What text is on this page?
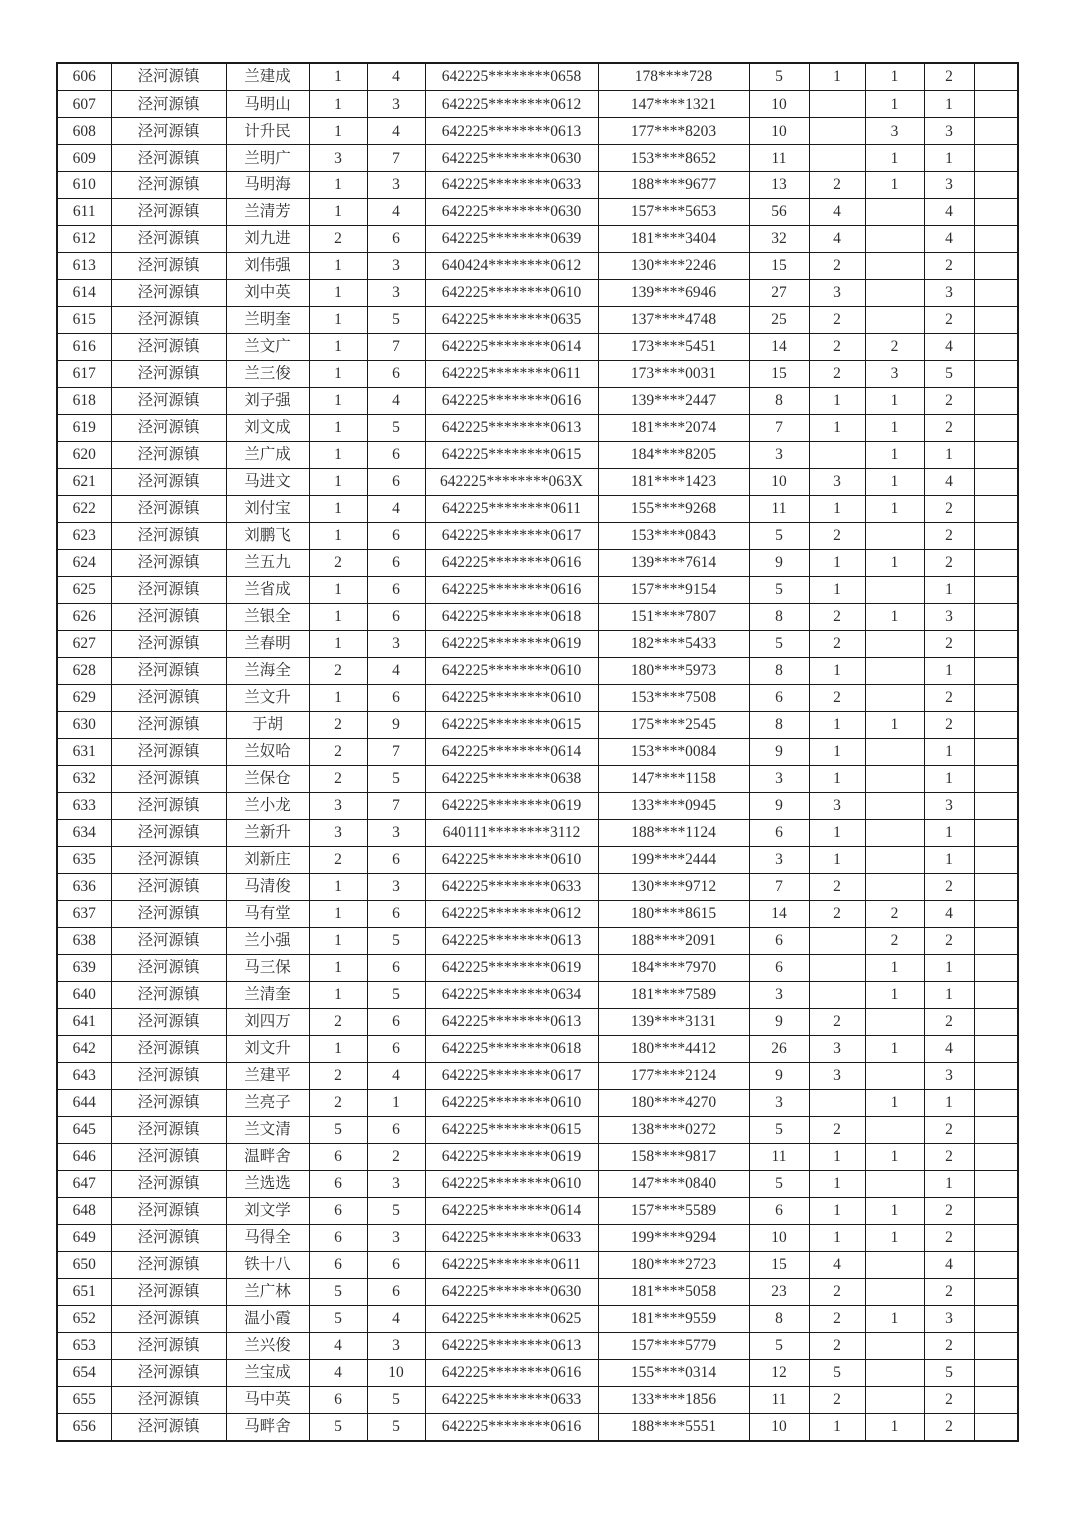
606	泾河源镇	兰建成	1	4	642225********0658	178****728	5	1	1	2	
607	泾河源镇	马明山	1	3	642225********0612	147****1321	10		1	1	
608	泾河源镇	计升民	1	4	642225********0613	177****8203	10		3	3	
609	泾河源镇	兰明广	3	7	642225********0630	153****8652	11		1	1	
610	泾河源镇	马明海	1	3	642225********0633	188****9677	13	2	1	3	
611	泾河源镇	兰清芳	1	4	642225********0630	157****5653	56	4		4	
612	泾河源镇	刘九进	2	6	642225********0639	181****3404	32	4		4	
613	泾河源镇	刘伟强	1	3	640424********0612	130****2246	15	2		2	
614	泾河源镇	刘中英	1	3	642225********0610	139****6946	27	3		3	
615	泾河源镇	兰明奎	1	5	642225********0635	137****4748	25	2		2	
616	泾河源镇	兰文广	1	7	642225********0614	173****5451	14	2	2	4	
617	泾河源镇	兰三俊	1	6	642225********0611	173****0031	15	2	3	5	
618	泾河源镇	刘子强	1	4	642225********0616	139****2447	8	1	1	2	
619	泾河源镇	刘文成	1	5	642225********0613	181****2074	7	1	1	2	
620	泾河源镇	兰广成	1	6	642225********0615	184****8205	3		1	1	
621	泾河源镇	马进文	1	6	642225********063X	181****1423	10	3	1	4	
622	泾河源镇	刘付宝	1	4	642225********0611	155****9268	11	1	1	2	
623	泾河源镇	刘鹏飞	1	6	642225********0617	153****0843	5	2		2	
624	泾河源镇	兰五九	2	6	642225********0616	139****7614	9	1	1	2	
625	泾河源镇	兰省成	1	6	642225********0616	157****9154	5	1		1	
626	泾河源镇	兰银全	1	6	642225********0618	151****7807	8	2	1	3	
627	泾河源镇	兰春明	1	3	642225********0619	182****5433	5	2		2	
628	泾河源镇	兰海全	2	4	642225********0610	180****5973	8	1		1	
629	泾河源镇	兰文升	1	6	642225********0610	153****7508	6	2		2	
630	泾河源镇	于胡	2	9	642225********0615	175****2545	8	1	1	2	
631	泾河源镇	兰奴哈	2	7	642225********0614	153****0084	9	1		1	
632	泾河源镇	兰保仓	2	5	642225********0638	147****1158	3	1		1	
633	泾河源镇	兰小龙	3	7	642225********0619	133****0945	9	3		3	
634	泾河源镇	兰新升	3	3	640111********3112	188****1124	6	1		1	
635	泾河源镇	刘新庄	2	6	642225********0610	199****2444	3	1		1	
636	泾河源镇	马清俊	1	3	642225********0633	130****9712	7	2		2	
637	泾河源镇	马有堂	1	6	642225********0612	180****8615	14	2	2	4	
638	泾河源镇	兰小强	1	5	642225********0613	188****2091	6		2	2	
639	泾河源镇	马三保	1	6	642225********0619	184****7970	6		1	1	
640	泾河源镇	兰清奎	1	5	642225********0634	181****7589	3		1	1	
641	泾河源镇	刘四万	2	6	642225********0613	139****3131	9	2		2	
642	泾河源镇	刘文升	1	6	642225********0618	180****4412	26	3	1	4	
643	泾河源镇	兰建平	2	4	642225********0617	177****2124	9	3		3	
644	泾河源镇	兰亮子	2	1	642225********0610	180****4270	3		1	1	
645	泾河源镇	兰文清	5	6	642225********0615	138****0272	5	2		2	
646	泾河源镇	温畔舍	6	2	642225********0619	158****9817	11	1	1	2	
647	泾河源镇	兰选选	6	3	642225********0610	147****0840	5	1		1	
648	泾河源镇	刘文学	6	5	642225********0614	157****5589	6	1	1	2	
649	泾河源镇	马得全	6	3	642225********0633	199****9294	10	1	1	2	
650	泾河源镇	铁十八	6	6	642225********0611	180****2723	15	4		4	
651	泾河源镇	兰广林	5	6	642225********0630	181****5058	23	2		2	
652	泾河源镇	温小霞	5	4	642225********0625	181****9559	8	2	1	3	
653	泾河源镇	兰兴俊	4	3	642225********0613	157****5779	5	2		2	
654	泾河源镇	兰宝成	4	10	642225********0616	155****0314	12	5		5	
655	泾河源镇	马中英	6	5	642225********0633	133****1856	11	2		2	
656	泾河源镇	马畔舍	5	5	642225********0616	188****5551	10	1	1	2	
